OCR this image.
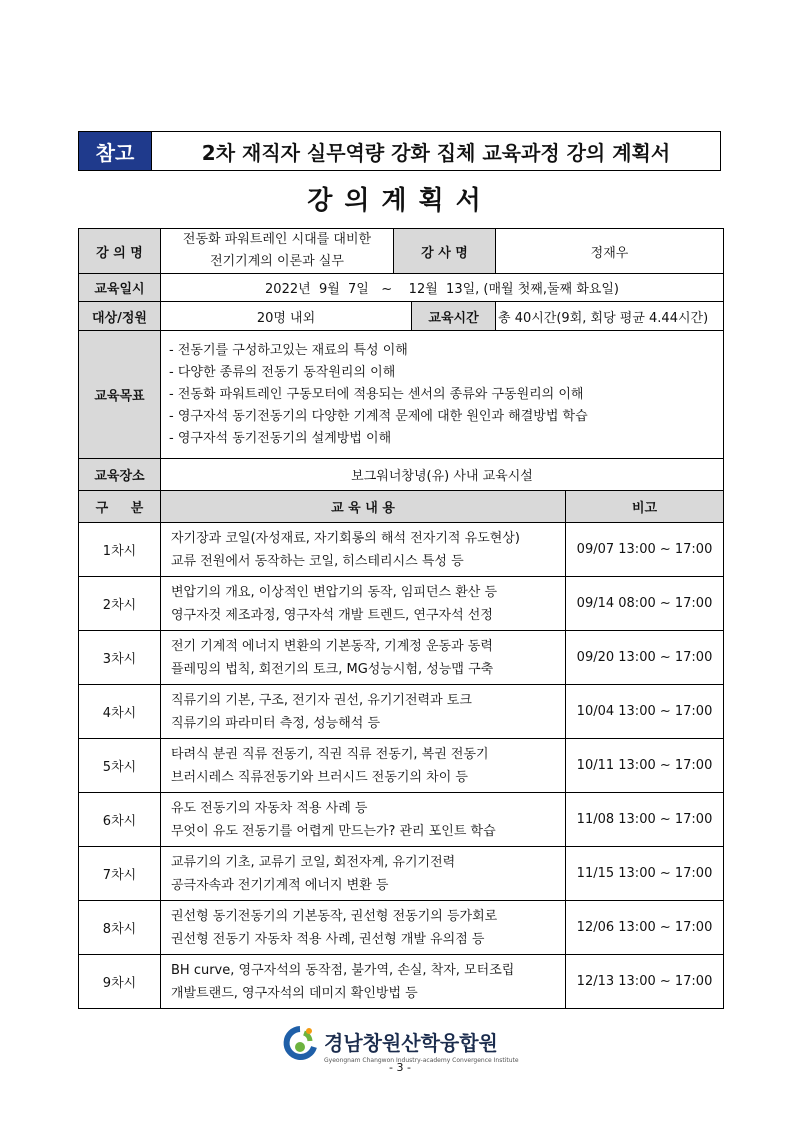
참고	2차 재직자 실무역량 강화 집체 교육과정 강의 계획서
강의계획서
강 의 명	전동화 파워트레인 시대를 대비한
전기기계의 이론과 실무	강 사 명		정재우	
교육일시	2022년  9월  7일   ~    12월  13일, (매월 첫째,둘째 화요일)				
대상/정원	20명 내외		교육시간	총 40시간(9회, 회당 평균 4.44시간)	
교육목표	- 전동기를 구성하고있는 재료의 특성 이해
- 다양한 종류의 전동기 동작원리의 이해
- 전동화 파워트레인 구동모터에 적용되는 센서의 종류와 구동원리의 이해
- 영구자석 동기전동기의 다양한 기계적 문제에 대한 원인과 해결방법 학습
- 영구자석 동기전동기의 설계방법 이해				

교육장소	보그워너창녕(유) 사내 교육시설				
구     분	교 육 내 용				비고
1차시	자기장과 코일(자성재료, 자기회롱의 해석 전자기적 유도현상)
교류 전원에서 동작하는 코일, 히스테리시스 특성 등				09/07 13:00 ~ 17:00
2차시	변압기의 개요, 이상적인 변압기의 동작, 임피던스 환산 등
영구자것 제조과정, 영구자석 개발 트렌드, 연구자석 선정				09/14 08:00 ~ 17:00
3차시	전기 기계적 에너지 변환의 기본동작, 기계정 운동과 동력
플레밍의 법칙, 회전기의 토크, MG성능시험, 성능맵 구축				09/20 13:00 ~ 17:00
4차시	직류기의 기본, 구조, 전기자 권선, 유기기전력과 토크
직류기의 파라미터 측정, 성능해석 등				10/04 13:00 ~ 17:00
5차시	타려식 분권 직류 전동기, 직권 직류 전동기, 복권 전동기
브러시레스 직류전동기와 브러시드 전동기의 차이 등				10/11 13:00 ~ 17:00
6차시	유도 전동기의 자동차 적용 사례 등
무엇이 유도 전동기를 어렵게 만드는가? 관리 포인트 학습				11/08 13:00 ~ 17:00
7차시	교류기의 기초, 교류기 코일, 회전자계, 유기기전력
공극자속과 전기기계적 에너지 변환 등				11/15 13:00 ~ 17:00
8차시	권선형 동기전동기의 기본동작, 권선형 전동기의 등가회로
권선형 전동기 자동차 적용 사례, 권선형 개발 유의점 등				12/06 13:00 ~ 17:00
9차시	BH curve, 영구자석의 동작점, 불가역, 손실, 착자, 모터조립
개발트랜드, 영구자석의 데미지 확인방법 등				12/13 13:00 ~ 17:00
경남창원산학융합원
Gyeongnam Changwon Industry-academy Convergence Institute
- 3 -
